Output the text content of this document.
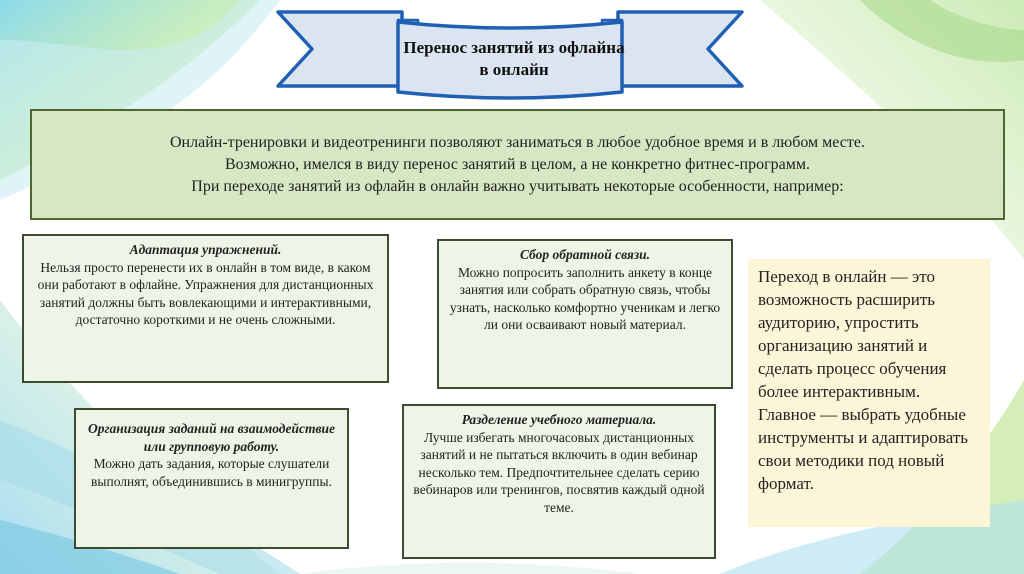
Перенос занятий из офлайна в онлайн
Онлайн-тренировки и видеотренинги позволяют заниматься в любое удобное время и в любом месте.
Возможно, имелся в виду перенос занятий в целом, а не конкретно фитнес-программ.
При переходе занятий из офлайн в онлайн важно учитывать некоторые особенности, например:
Адаптация упражнений.
Нельзя просто перенести их в онлайн в том виде, в каком они работают в офлайне. Упражнения для дистанционных занятий должны быть вовлекающими и интерактивными, достаточно короткими и не очень сложными.
Сбор обратной связи.
Можно попросить заполнить анкету в конце занятия или собрать обратную связь, чтобы узнать, насколько комфортно ученикам и легко ли они осваивают новый материал.
Организация заданий на взаимодействие или групповую работу.
Можно дать задания, которые слушатели выполнят, объединившись в минигруппы.
Разделение учебного материала.
Лучше избегать многочасовых дистанционных занятий и не пытаться включить в один вебинар несколько тем. Предпочтительнее сделать серию вебинаров или тренингов, посвятив каждый одной теме.
Переход в онлайн — это возможность расширить аудиторию, упростить организацию занятий и сделать процесс обучения более интерактивным. Главное — выбрать удобные инструменты и адаптировать свои методики под новый формат.
